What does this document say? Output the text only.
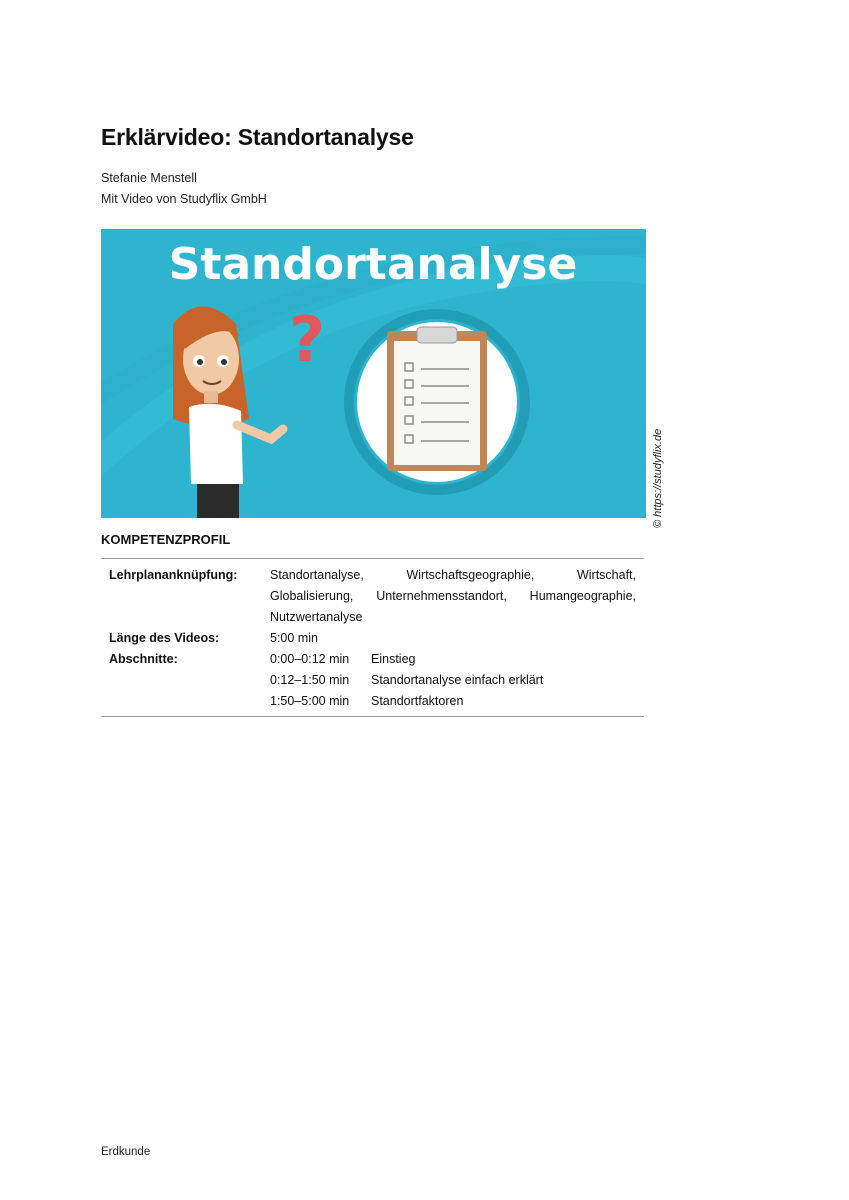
Erklärvideo: Standortanalyse
Stefanie Menstell
Mit Video von Studyflix GmbH
Standortanalyse
?
© https://studyflix.de
KOMPETENZPROFIL
Lehrplananknüpfung:	Standortanalyse, Wirtschaftsgeographie, Wirtschaft, Globalisierung, Unternehmensstandort, Humangeographie, Nutzwertanalyse
Länge des Videos:	5:00 min
Abschnitte:	0:00–0:12 min	Einstieg
0:12–1:50 min	Standortanalyse einfach erklärt
1:50–5:00 min	Standortfaktoren
Erdkunde
